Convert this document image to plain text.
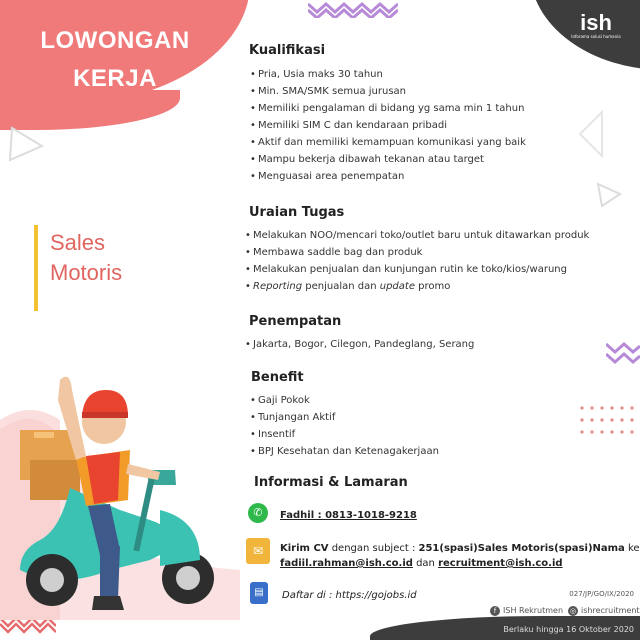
LOWONGAN
KERJA
ish
Inforama solusi humania
Sales
Motoris
Kualifikasi
• Pria, Usia maks 30 tahun
• Min. SMA/SMK semua jurusan
• Memiliki pengalaman di bidang yg sama min 1 tahun
• Memiliki SIM C dan kendaraan pribadi
• Aktif dan memiliki kemampuan komunikasi yang baik
• Mampu bekerja dibawah tekanan atau target
• Menguasai area penempatan
Uraian Tugas
• Melakukan NOO/mencari toko/outlet baru untuk ditawarkan produk
• Membawa saddle bag dan produk
• Melakukan penjualan dan kunjungan rutin ke toko/kios/warung
• Reporting penjualan dan update promo
Penempatan
• Jakarta, Bogor, Cilegon, Pandeglang, Serang
Benefit
• Gaji Pokok
• Tunjangan Aktif
• Insentif
• BPJ Kesehatan dan Ketenagakerjaan
Informasi & Lamaran
✆	Fadhil : 0813-1018-9218
✉	Kirim CV dengan subject : 251(spasi)Sales Motoris(spasi)Nama ke
fadiil.rahman@ish.co.id dan recruitment@ish.co.id
▤	Daftar di : https://gojobs.id	027/JP/GO/IX/2020
f ISH Rekrutmen ◎ ishrecruitment
Berlaku hingga 16 Oktober 2020
